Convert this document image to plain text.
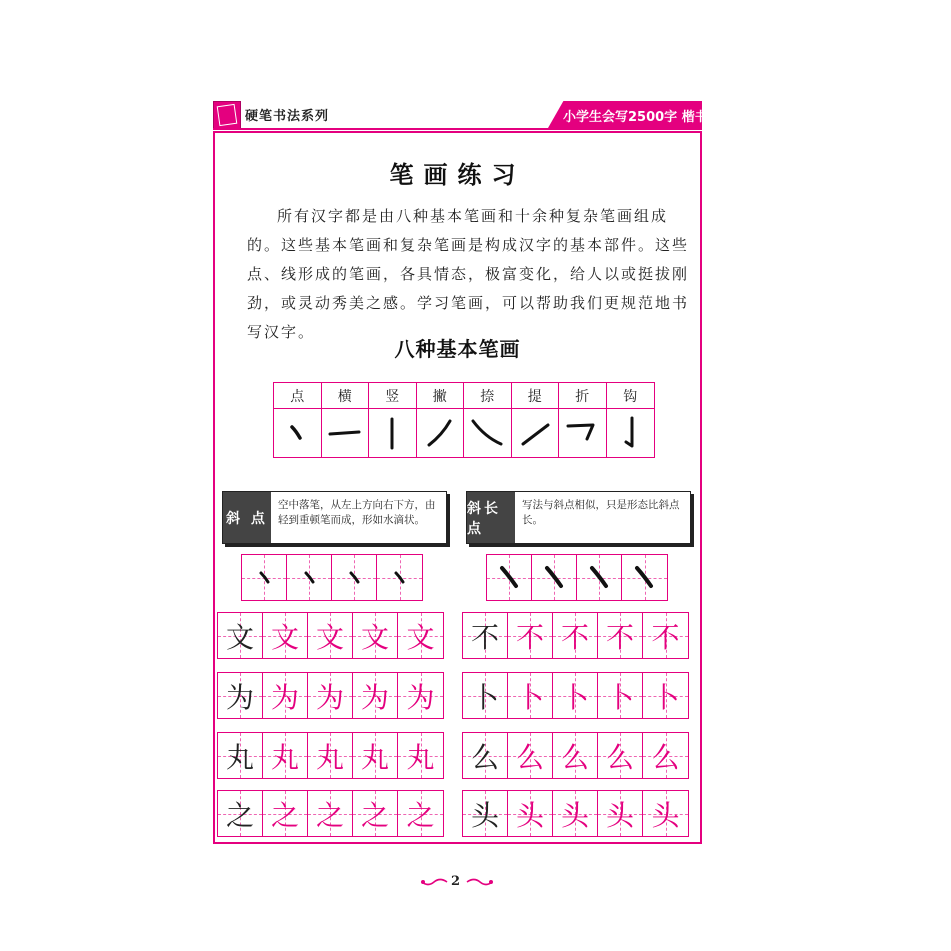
硬笔书法系列	小学生会写2500字 楷书
笔画练习
所有汉字都是由八种基本笔画和十余种复杂笔画组成的。这些基本笔画和复杂笔画是构成汉字的基本部件。这些点、线形成的笔画，各具情态，极富变化，给人以或挺拔刚劲，或灵动秀美之感。学习笔画，可以帮助我们更规范地书写汉字。
八种基本笔画
点	横	竖	撇	捺	提	折	钩
斜 点
空中落笔，从左上方向右下方，由轻到重顿笔而成，形如水滴状。
斜长点
写法与斜点相似，只是形态比斜点长。
文 文 文 文 文
为 为 为 为 为
丸 丸 丸 丸 丸
之 之 之 之 之
不 不 不 不 不
卜 卜 卜 卜 卜
么 么 么 么 么
头 头 头 头 头
2
